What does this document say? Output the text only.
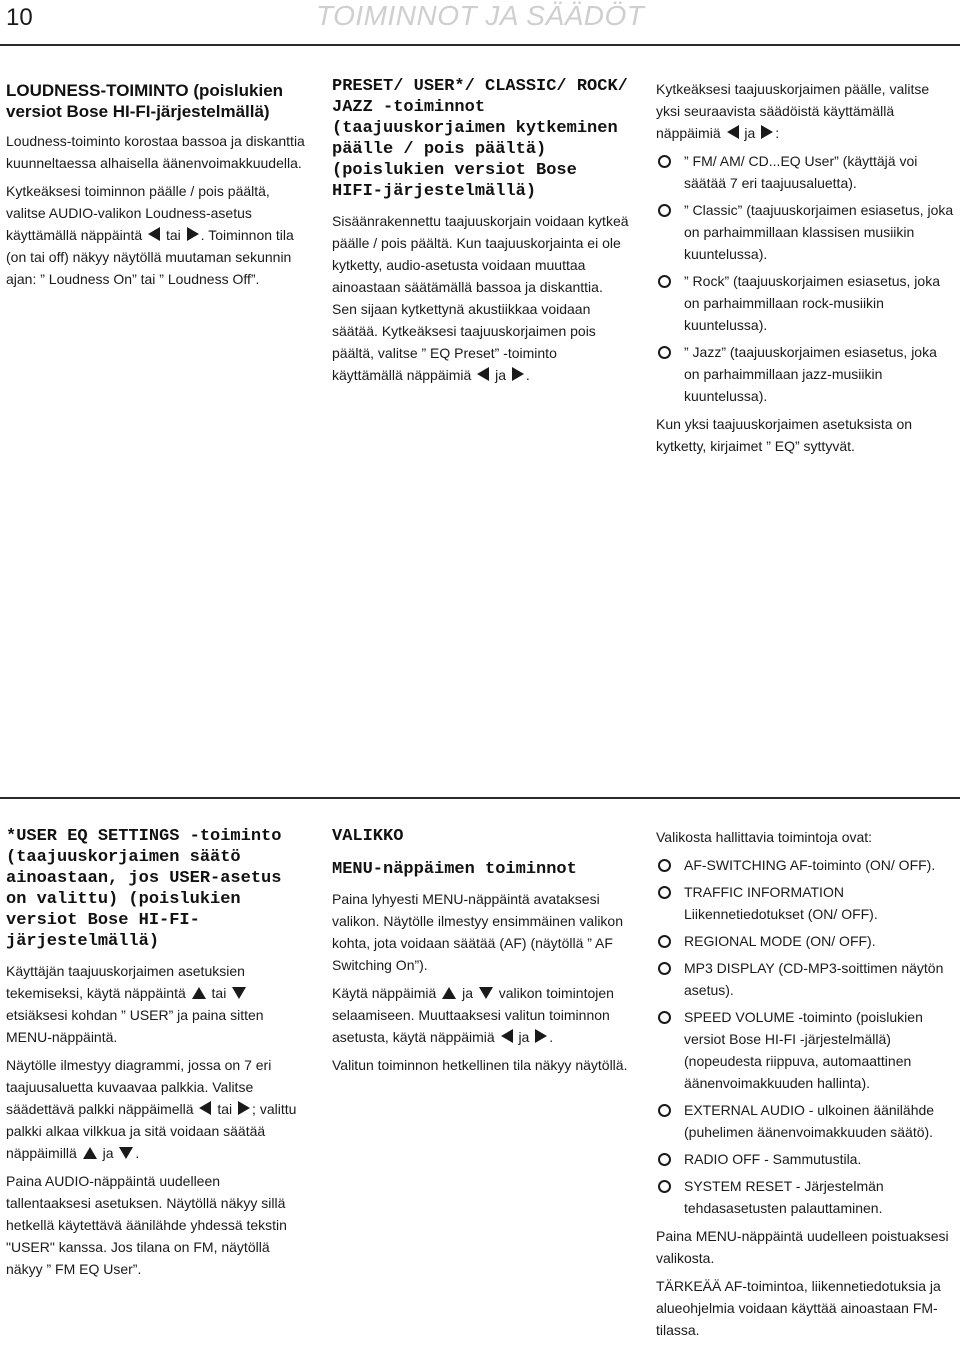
10	TOIMINNOT JA SÄÄDÖT
LOUDNESS-TOIMINTO (poislukien versiot Bose HI-FI-järjestelmällä)

Loudness-toiminto korostaa bassoa ja diskanttia kuunneltaessa alhaisella äänenvoimakkuudella.

Kytkeäksesi toiminnon päälle / pois päältä, valitse AUDIO-valikon Loudness-asetus käyttämällä näppäintä tai . Toiminnon tila (on tai off) näkyy näytöllä muutaman sekunnin ajan: ” Loudness On” tai ” Loudness Off”.

PRESET/ USER*/ CLASSIC/ ROCK/ JAZZ -toiminnot (taajuuskorjaimen kytkeminen päälle / pois päältä) (poislukien versiot Bose HIFI-järjestelmällä)

Sisäänrakennettu taajuuskorjain voidaan kytkeä päälle / pois päältä. Kun taajuuskorjainta ei ole kytketty, audio-asetusta voidaan muuttaa ainoastaan säätämällä bassoa ja diskanttia. Sen sijaan kytkettynä akustiikkaa voidaan säätää. Kytkeäksesi taajuuskorjaimen pois päältä, valitse ” EQ Preset” -toiminto käyttämällä näppäimiä ja .

Kytkeäksesi taajuuskorjaimen päälle, valitse yksi seuraavista säädöistä käyttämällä näppäimiä ja :

” FM/ AM/ CD...EQ User” (käyttäjä voi säätää 7 eri taajuusaluetta).
” Classic” (taajuuskorjaimen esiasetus, joka on parhaimmillaan klassisen musiikin kuuntelussa).
” Rock” (taajuuskorjaimen esiasetus, joka on parhaimmillaan rock-musiikin kuuntelussa).
” Jazz” (taajuuskorjaimen esiasetus, joka on parhaimmillaan jazz-musiikin kuuntelussa).

Kun yksi taajuuskorjaimen asetuksista on kytketty, kirjaimet ” EQ” syttyvät.

*USER EQ SETTINGS -toiminto (taajuuskorjaimen säätö ainoastaan, jos USER-asetus on valittu) (poislukien versiot Bose HI-FI-järjestelmällä)

Käyttäjän taajuuskorjaimen asetuksien tekemiseksi, käytä näppäintä tai  etsiäksesi kohdan ” USER” ja paina sitten MENU-näppäintä.

Näytölle ilmestyy diagrammi, jossa on 7 eri taajuusaluetta kuvaavaa palkkia. Valitse säädettävä palkki näppäimellä tai ; valittu palkki alkaa vilkkua ja sitä voidaan säätää näppäimillä ja .

Paina AUDIO-näppäintä uudelleen tallentaaksesi asetuksen. Näytöllä näkyy sillä hetkellä käytettävä äänilähde yhdessä tekstin "USER" kanssa. Jos tilana on FM, näytöllä näkyy ” FM EQ User”.

VALIKKO
MENU-näppäimen toiminnot

Paina lyhyesti MENU-näppäintä avataksesi valikon. Näytölle ilmestyy ensimmäinen valikon kohta, jota voidaan säätää (AF) (näytöllä ” AF Switching On”).

Käytä näppäimiä ja valikon toimintojen selaamiseen. Muuttaaksesi valitun toiminnon asetusta, käytä näppäimiä ja .

Valitun toiminnon hetkellinen tila näkyy näytöllä.

Valikosta hallittavia toimintoja ovat:

AF-SWITCHING AF-toiminto (ON/ OFF).
TRAFFIC INFORMATION Liikennetiedotukset (ON/ OFF).
REGIONAL MODE (ON/ OFF).
MP3 DISPLAY (CD-MP3-soittimen näytön asetus).
SPEED VOLUME -toiminto (poislukien versiot Bose HI-FI -järjestelmällä) (nopeudesta riippuva, automaattinen äänenvoimakkuuden hallinta).
EXTERNAL AUDIO - ulkoinen äänilähde (puhelimen äänenvoimakkuuden säätö).
RADIO OFF - Sammutustila.
SYSTEM RESET - Järjestelmän tehdasasetusten palauttaminen.

Paina MENU-näppäintä uudelleen poistuaksesi valikosta.

TÄRKEÄÄ AF-toimintoa, liikennetiedotuksia ja alueohjelmia voidaan käyttää ainoastaan FM-tilassa.
